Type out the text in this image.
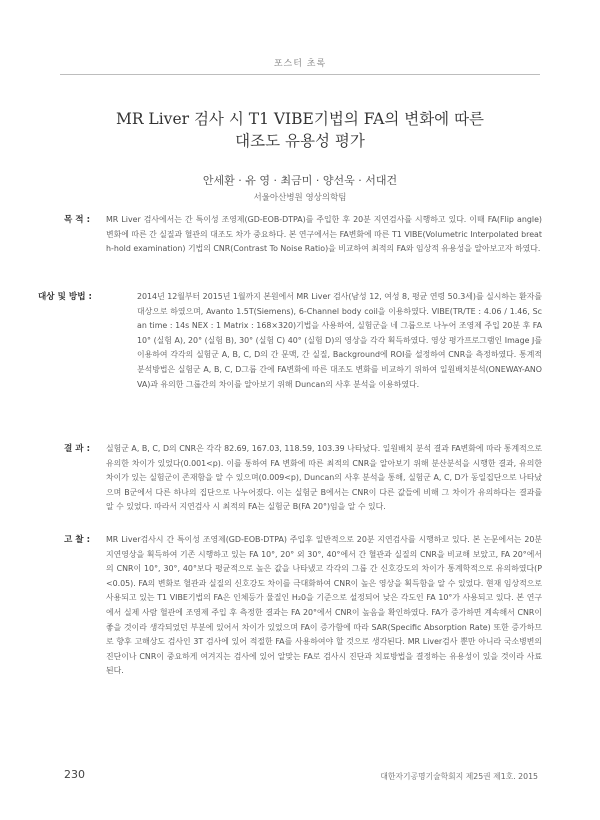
포스터 초록
MR Liver 검사 시 T1 VIBE기법의 FA의 변화에 따른
대조도 유용성 평가
안세환 · 유 영 · 최금미 · 양선욱 · 서대건
서울아산병원 영상의학팀
목 적 : MR Liver 검사에서는 간 특이성 조영제(GD-EOB-DTPA)를 주입한 후 20분 지연검사를 시행하고 있다. 이때 FA(Flip angle) 변화에 따른 간 실질과 혈관의 대조도 차가 중요하다. 본 연구에서는 FA변화에 따른 T1 VIBE(Volumetric Interpolated breath-hold examination) 기법의 CNR(Contrast To Noise Ratio)을 비교하여 최적의 FA와 임상적 유용성을 알아보고자 하였다.
대상 및 방법 :	2014년 12월부터 2015년 1월까지 본원에서 MR Liver 검사(남성 12, 여성 8, 평균 연령 50.3세)를 실시하는 환자를 대상으로 하였으며, Avanto 1.5T(Siemens), 6-Channel body coil을 이용하였다. VIBE(TR/TE : 4.06 / 1.46, Scan time : 14s NEX : 1 Matrix : 168×320)기법을 사용하여, 실험군을 네 그룹으로 나누어 조영제 주입 20분 후 FA 10° (실험 A), 20° (실험 B), 30° (실험 C) 40° (실험 D)의 영상을 각각 획득하였다. 영상 평가프로그램인 Image J를 이용하여 각각의 실험군 A, B, C, D의 간 문맥, 간 실질, Background에 ROI를 설정하여 CNR을 측정하였다. 통계적 분석방법은 실험군 A, B, C, D그룹 간에 FA변화에 따른 대조도 변화를 비교하기 위하여 일원배치분석(ONEWAY-ANOVA)과 유의한 그룹간의 차이를 알아보기 위해 Duncan의 사후 분석을 이용하였다.
결 과 : 실험군 A, B, C, D의 CNR은 각각 82.69, 167.03, 118.59, 103.39 나타났다. 일원배치 분석 결과 FA변화에 따라 통계적으로 유의한 차이가 있었다(0.001<p). 이를 통하여 FA 변화에 따른 최적의 CNR을 알아보기 위해 분산분석을 시행한 결과, 유의한 차이가 있는 실험군이 존재함을 알 수 있으며(0.009<p), Duncan의 사후 분석을 통해, 실험군 A, C, D가 동일집단으로 나타났으며 B군에서 다른 하나의 집단으로 나누어졌다. 이는 실험군 B에서는 CNR이 다른 값들에 비해 그 차이가 유의하다는 결과를 알 수 있었다. 따라서 지연검사 시 최적의 FA는 실험군 B(FA 20°)임을 알 수 있다.
고 찰 : MR Liver검사시 간 특이성 조영제(GD-EOB-DTPA) 주입후 일반적으로 20분 지연검사를 시행하고 있다. 본 논문에서는 20분 지연영상을 획득하여 기존 시행하고 있는 FA 10°, 20° 외 30°, 40°에서 간 혈관과 실질의 CNR을 비교해 보았고, FA 20°에서의 CNR이 10°, 30°, 40°보다 평균적으로 높은 값을 나타냈고 각각의 그룹 간 신호강도의 차이가 통계학적으로 유의하였다(P<0.05). FA의 변화로 혈관과 실질의 신호강도 차이를 극대화하여 CNR이 높은 영상을 획득함을 알 수 있었다. 현재 임상적으로 사용되고 있는 T1 VIBE기법의 FA은 인체등가 물질인 H₂0을 기준으로 설정되어 낮은 각도인 FA 10°가 사용되고 있다. 본 연구에서 실제 사람 혈관에 조영제 주입 후 측정한 결과는 FA 20°에서 CNR이 높음을 확인하였다. FA가 증가하면 계속해서 CNR이 좋을 것이라 생각되었던 부분에 있어서 차이가 있었으며 FA이 증가함에 따라 SAR(Specific Absorption Rate) 또한 증가하므로 향후 고해상도 검사인 3T 검사에 있어 적절한 FA를 사용하여야 할 것으로 생각된다. MR Liver검사 뿐만 아니라 국소병변의 진단이나 CNR이 중요하게 여겨지는 검사에 있어 알맞는 FA로 검사시 진단과 치료방법을 결정하는 유용성이 있을 것이라 사료된다.
230	대한자기공명기술학회지 제25권 제1호. 2015
